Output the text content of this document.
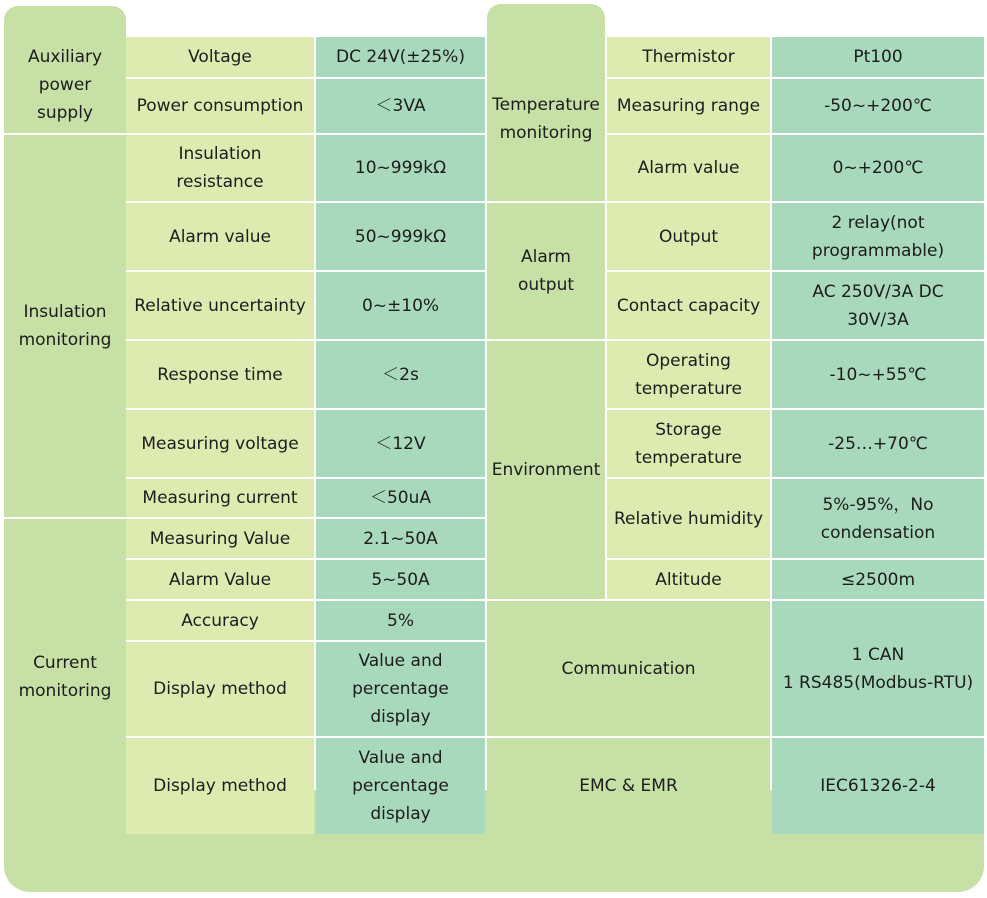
Auxiliary
power
supply
Insulation
monitoring
Current
monitoring
Voltage
Power consumption
Insulation
resistance
Alarm value
Relative uncertainty
Response time
Measuring voltage
Measuring current
Measuring Value
Alarm Value
Accuracy
Display method
Display method
DC 24V(±25%)
＜3VA
10~999kΩ
50~999kΩ
0~±10%
＜2s
＜12V
＜50uA
2.1~50A
5~50A
5%
Value and
percentage
display
Value and
percentage
display
Temperature
monitoring
Alarm
output
Environment
Thermistor
Measuring range
Alarm value
Output
Contact capacity
Operating
temperature
Storage
temperature
Relative humidity
Altitude
Pt100
-50~+200℃
0~+200℃
2 relay(not
programmable)
AC 250V/3A DC
30V/3A
-10~+55℃
-25…+70℃
5%-95%，No
condensation
≤2500m
Communication
1 CAN
1 RS485(Modbus-RTU)
EMC & EMR	IEC61326-2-4
